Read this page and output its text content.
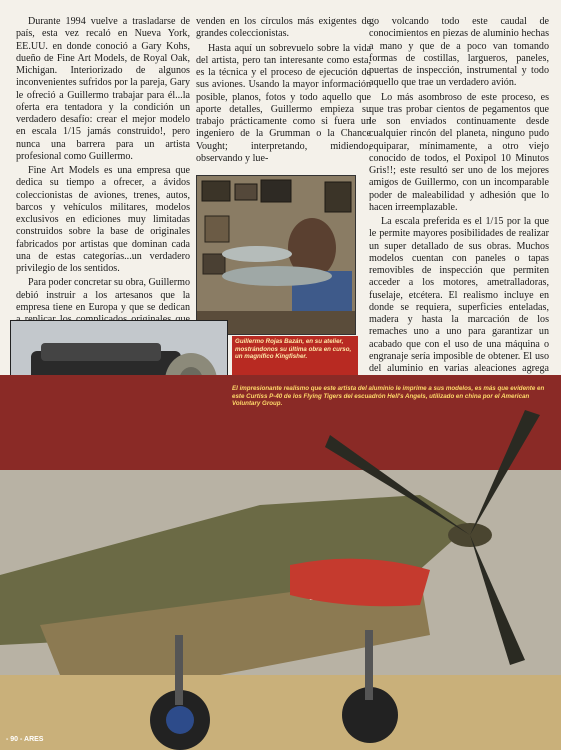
Durante 1994 vuelve a trasladarse de país, esta vez recaló en Nueva York, EE.UU. en donde conoció a Gary Kohs, dueño de Fine Art Models, de Royal Oak, Michigan. Interiorizado de algunos inconvenientes sufridos por la pareja, Gary le ofreció a Guillermo trabajar para él...la oferta era tentadora y la condición un verdadero desafío: crear el mejor modelo en escala 1/15 jamás construido!, pero nunca una barrera para un artista profesional como Guillermo.

Fine Art Models es una empresa que dedica su tiempo a ofrecer, a ávidos coleccionistas de aviones, trenes, autos, barcos y vehículos militares, modelos exclusivos en ediciones muy limitadas construidos sobre la base de originales fabricados por artistas que dominan cada una de estas categorías...un verdadero privilegio de los sentidos.

Para poder concretar su obra, Guillermo debió instruir a los artesanos que la empresa tiene en Europa y que se dedican

venden en los círculos más exigentes de grandes coleccionistas.

Hasta aquí un sobrevuelo sobre la vida del artista, pero tan interesante como esta, es la técnica y el proceso de ejecución de sus aviones. Usando la mayor información posible, planos, fotos y todo aquello que aporte detalles, Guillermo empieza su trabajo prácticamente como si fuera un ingeniero de la Grumman o la Chance Vought; interpretando, midiendo, observando y lue-

go volcando todo este caudal de conocimientos en piezas de aluminio hechas a mano y que de a poco van tomando formas de costillas, largueros, paneles, puertas de inspección, instrumental y todo aquello que trae un verdadero avión.

Lo más asombroso de este proceso, es que tras probar cientos de pegamentos que le son enviados continuamente desde cualquier rincón del planeta, ninguno pudo equiparar, mínimamente, a otro viejo conocido de todos, el Poxipol 10 Minutos Gris!!; este resultó ser uno de los mejores amigos de Guillermo, con un incomparable poder de maleabilidad y adhesión que lo hacen irreemplazable.

La escala preferida es el 1/15 por la que le permite mayores posibilidades de realizar un super detallado de sus obras. Muchos modelos cuentan con paneles o tapas removibles de inspección que permiten acceder a los motores, ametralladoras, fuselaje, etcétera. El realismo incluye en donde se requiera, superficies enteladas, madera y hasta la marcación de los remaches uno a uno para garantizar un acabado que con el uso de una máquina o engranaje sería imposible de obtener. El uso del aluminio en varias aleaciones agrega

Guillermo Rojas Bazán, en su atelier, mostrándonos su última obra en curso, un magnífico Kingfisher.
El impresionante realismo que este artista del aluminio le imprime a sus modelos, es más que evidente en este Curtiss P-40 de los Flying Tigers del escuadrón Hell's Angels, utilizado en china por el American Voluntary Group.
- 90 - ARES
